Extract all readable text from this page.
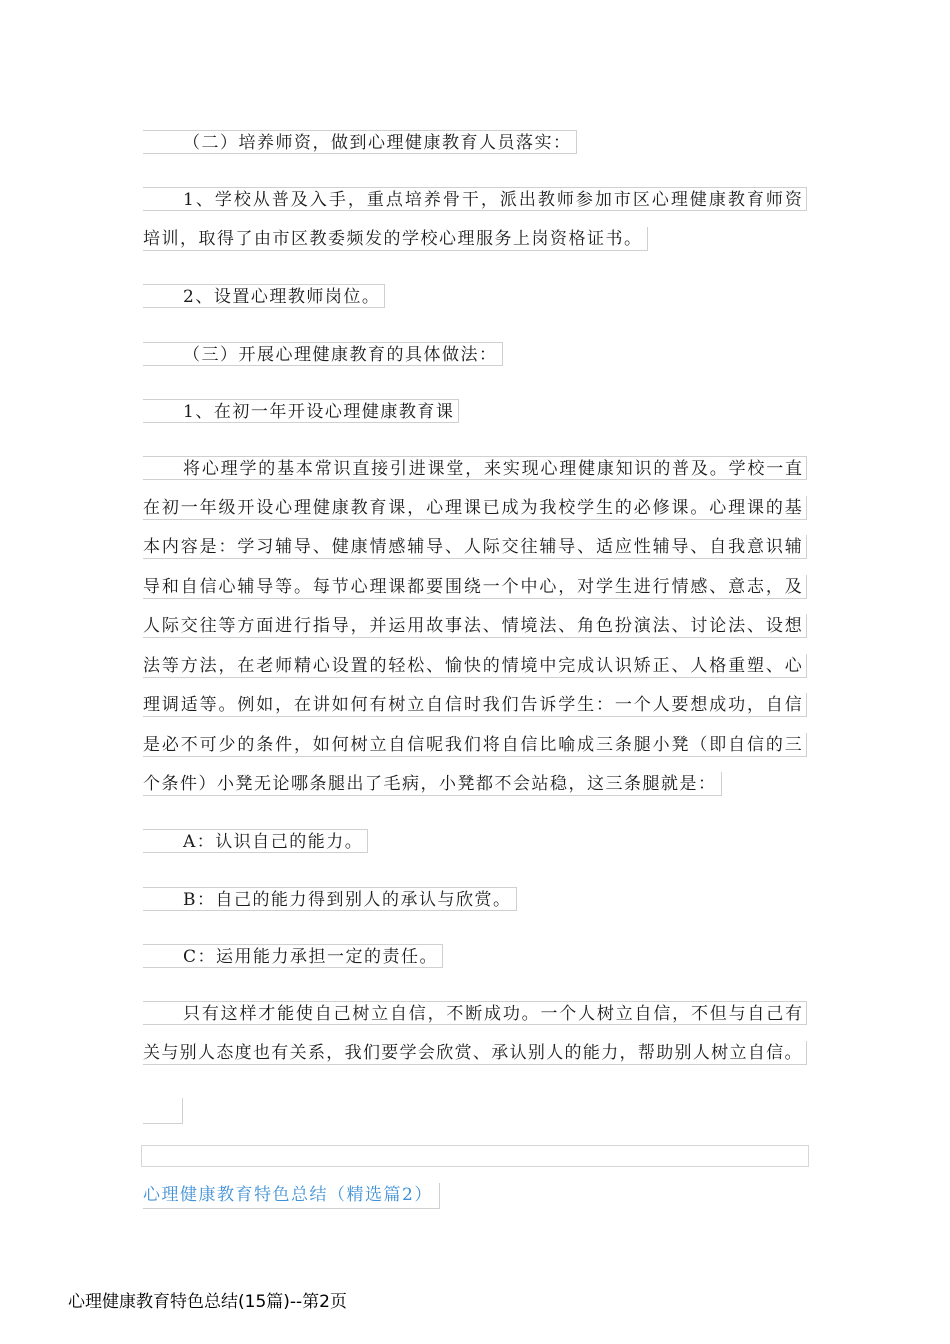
（二）培养师资，做到心理健康教育人员落实：
1 、 学 校 从 普 及 入 手 ， 重 点 培 养 骨 干 ， 派 出 教 师 参 加 市 区 心 理 健 康 教 育 师 资
培训，取得了由市区教委频发的学校心理服务上岗资格证书。
2、设置心理教师岗位。
（三）开展心理健康教育的具体做法：
1、在初一年开设心理健康教育课
将 心 理 学 的 基 本 常 识 直 接 引 进 课 堂 ， 来 实 现 心 理 健 康 知 识 的 普 及 。 学 校 一 直
在 初 一 年 级 开 设 心 理 健 康 教 育 课 ， 心 理 课 已 成 为 我 校 学 生 的 必 修 课 。 心 理 课 的 基
本 内 容 是 ： 学 习 辅 导 、 健 康 情 感 辅 导 、 人 际 交 往 辅 导 、 适 应 性 辅 导 、 自 我 意 识 辅
导 和 自 信 心 辅 导 等 。 每 节 心 理 课 都 要 围 绕 一 个 中 心 ， 对 学 生 进 行 情 感 、 意 志 ， 及
人 际 交 往 等 方 面 进 行 指 导 ， 并 运 用 故 事 法 、 情 境 法 、 角 色 扮 演 法 、 讨 论 法 、 设 想
法 等 方 法 ， 在 老 师 精 心 设 置 的 轻 松 、 愉 快 的 情 境 中 完 成 认 识 矫 正 、 人 格 重 塑 、 心
理 调 适 等 。 例 如 ， 在 讲 如 何 有 树 立 自 信 时 我 们 告 诉 学 生 ： 一 个 人 要 想 成 功 ， 自 信
是 必 不 可 少 的 条 件 ， 如 何 树 立 自 信 呢 我 们 将 自 信 比 喻 成 三 条 腿 小 凳 （ 即 自 信 的 三
个条件）小凳无论哪条腿出了毛病，小凳都不会站稳，这三条腿就是：
A：认识自己的能力。
B：自己的能力得到别人的承认与欣赏。
C：运用能力承担一定的责任。
只 有 这 样 才 能 使 自 己 树 立 自 信 ， 不 断 成 功 。 一 个 人 树 立 自 信 ， 不 但 与 自 己 有
关 与 别 人 态 度 也 有 关 系 ， 我 们 要 学 会 欣 赏 、 承 认 别 人 的 能 力 ， 帮 助 别 人 树 立 自 信 。
心理健康教育特色总结（精选篇2）
心理健康教育特色总结(15篇)--第2页
